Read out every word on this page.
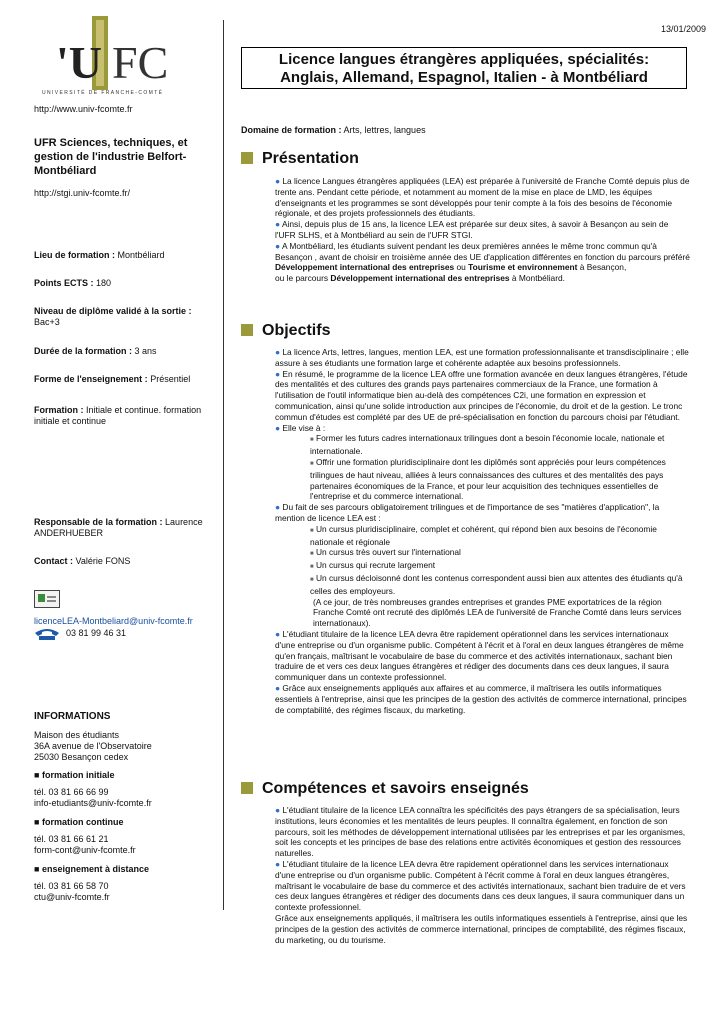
13/01/2009
'U FC
UNIVERSITÉ DE FRANCHE-COMTÉ
http://www.univ-fcomte.fr
UFR Sciences, techniques, et gestion de l'industrie Belfort-Montbéliard
http://stgi.univ-fcomte.fr/
Lieu de formation : Montbéliard
Points ECTS : 180
Niveau de diplôme validé à la sortie :
Bac+3
Durée de la formation : 3 ans
Forme de l'enseignement : Présentiel
Formation : Initiale et continue. formation initiale et continue
Responsable de la formation : Laurence ANDERHUEBER
Contact : Valérie FONS
licenceLEA-Montbeliard@univ-fcomte.fr
03 81 99 46 31
INFORMATIONS
Maison des étudiants
36A avenue de l'Observatoire
25030 Besançon cedex
■ formation initiale
tél. 03 81 66 66 99
info-etudiants@univ-fcomte.fr
■ formation continue
tél. 03 81 66 61 21
form-cont@univ-fcomte.fr
■ enseignement à distance
tél. 03 81 66 58 70
ctu@univ-fcomte.fr
Licence langues étrangères appliquées, spécialités:
Anglais, Allemand, Espagnol, Italien - à Montbéliard
Domaine de formation : Arts, lettres, langues
Présentation

● La licence Langues étrangères appliquées (LEA) est préparée à l'université de Franche Comté depuis plus de trente ans. Pendant cette période, et notamment au moment de la mise en place de LMD, les équipes d'enseignants et les programmes se sont développés pour tenir compte à la fois des besoins de l'économie régionale, et des projets professionnels des étudiants.

● Ainsi, depuis plus de 15 ans, la licence LEA est préparée sur deux sites, à savoir à Besançon au sein de l'UFR SLHS, et à Montbéliard au sein de l'UFR STGI.

● A Montbéliard, les étudiants suivent pendant les deux premières années le même tronc commun qu'à Besançon , avant de choisir en troisième année des UE d'application différentes en fonction du parcours préféré

Développement international des entreprises ou Tourisme et environnement à Besançon,

ou le parcours Développement international des entreprises à Montbéliard.

Objectifs

● La licence Arts, lettres, langues, mention LEA, est une formation professionnalisante et transdisciplinaire ; elle assure à ses étudiants une formation large et cohérente adaptée aux besoins professionnels.

● En résumé, le programme de la licence LEA offre une formation avancée en deux langues étrangères, l'étude des mentalités et des cultures des grands pays partenaires commerciaux de la France, une formation à l'utilisation de l'outil informatique bien au-delà des compétences C2i, une formation en expression et communication, ainsi qu'une solide introduction aux principes de l'économie, du droit et de la gestion. Le tronc commun d'études est complété par des UE de pré-spécialisation en fonction du parcours choisi par l'étudiant.

● Elle vise à :

■ Former les futurs cadres internationaux trilingues dont a besoin l'économie locale, nationale et internationale.

■ Offrir une formation pluridisciplinaire dont les diplômés sont appréciés pour leurs compétences trilingues de haut niveau, alliées à leurs connaissances des cultures et des mentalités des pays partenaires économiques de la France, et pour leur acquisition des techniques essentielles de l'entreprise et du commerce international.

● Du fait de ses parcours obligatoirement trilingues et de l'importance de ses "matières d'application", la mention de licence LEA est :

■ Un cursus pluridisciplinaire, complet et cohérent, qui répond bien aux besoins de l'économie nationale et régionale

■ Un cursus très ouvert sur l'international

■ Un cursus qui recrute largement

■ Un cursus décloisonné dont les contenus correspondent aussi bien aux attentes des étudiants qu'à celles des employeurs.

(A ce jour, de très nombreuses grandes entreprises et grandes PME exportatrices de la région Franche Comté ont recruté des diplômés LEA de l'université de Franche Comté dans leurs services internationaux).

● L'étudiant titulaire de la licence LEA devra être rapidement opérationnel dans les services internationaux d'une entreprise ou d'un organisme public. Compétent à l'écrit et à l'oral en deux langues étrangères de même qu'en français, maîtrisant le vocabulaire de base du commerce et des activités internationaux, sachant bien traduire de et vers ces deux langues étrangères et rédiger des documents dans ces deux langues, il saura communiquer dans un contexte professionnel.

● Grâce aux enseignements appliqués aux affaires et au commerce, il maîtrisera les outils informatiques essentiels à l'entreprise, ainsi que les principes de la gestion des activités de commerce international, principes de comptabilité, des régimes fiscaux, du marketing.

Compétences et savoirs enseignés

● L'étudiant titulaire de la licence LEA connaîtra les spécificités des pays étrangers de sa spécialisation, leurs institutions, leurs économies et les mentalités de leurs peuples. Il connaîtra également, en fonction de son parcours, soit les méthodes de développement international utilisées par les entreprises et par les organismes, soit les concepts et les principes de base des relations entre activités économiques et gestion des ressources naturelles.

● L'étudiant titulaire de la licence LEA devra être rapidement opérationnel dans les services internationaux d'une entreprise ou d'un organisme public. Compétent à l'écrit comme à l'oral en deux langues étrangères, maîtrisant le vocabulaire de base du commerce et des activités internationaux, sachant bien traduire de et vers ces deux langues étrangères et rédiger des documents dans ces deux langues, il saura communiquer dans un contexte professionnel.

Grâce aux enseignements appliqués, il maîtrisera les outils informatiques essentiels à l'entreprise, ainsi que les principes de la gestion des activités de commerce international, principes de comptabilité, des régimes fiscaux, du marketing, ou du tourisme.
